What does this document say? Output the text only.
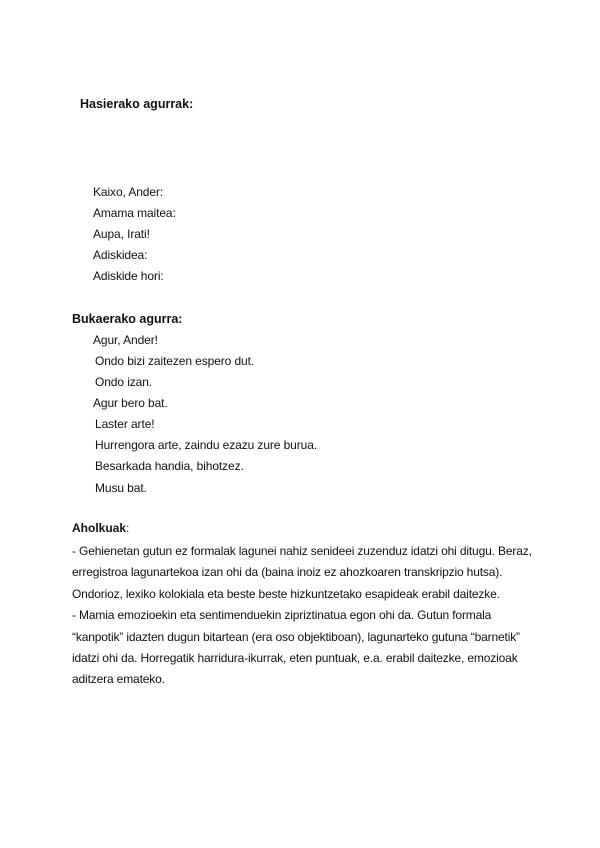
Hasierako agurrak:
Kaixo, Ander:
Amama maitea:
Aupa, Irati!
Adiskidea:
Adiskide hori:
Bukaerako agurra:
Agur, Ander!
Ondo bizi zaitezen espero dut.
Ondo izan.
Agur bero bat.
Laster arte!
Hurrengora arte, zaindu ezazu zure burua.
Besarkada handia, bihotzez.
Musu bat.
Aholkuak:

- Gehienetan gutun ez formalak lagunei nahiz senideei zuzenduz idatzi ohi ditugu. Beraz, erregistroa lagunartekoa izan ohi da (baina inoiz ez ahozkoaren transkripzio hutsa). Ondorioz, lexiko kolokiala eta beste beste hizkuntzetako esapideak erabil daitezke.

- Mamia emozioekin eta sentimenduekin zipriztinatua egon ohi da. Gutun formala “kanpotik” idazten dugun bitartean (era oso objektiboan), lagunarteko gutuna “barnetik” idatzi ohi da. Horregatik harridura-ikurrak, eten puntuak, e.a. erabil daitezke, emozioak aditzera emateko.
